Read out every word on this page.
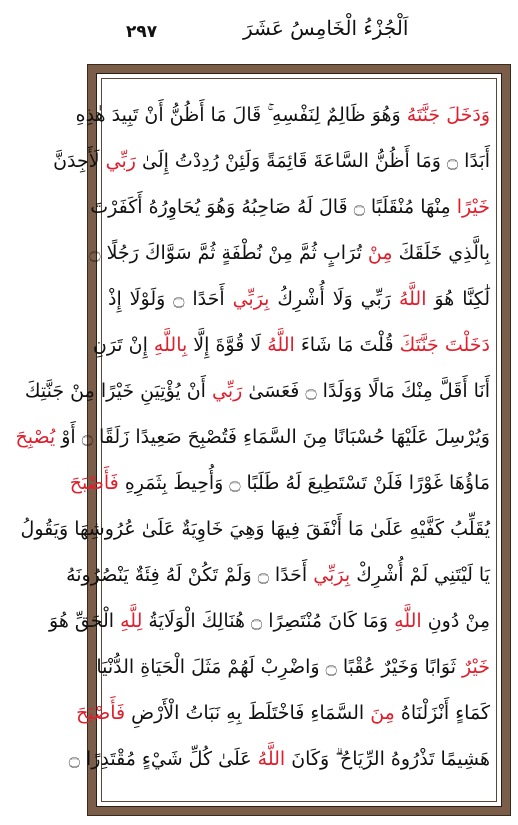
۲۹۷	اَلْجُزْءُ الْخَامِسُ عَشَرَ
وَدَخَلَ جَنَّتَهُ وَهُوَ ظَالِمٌ لِنَفْسِهِ ۚ قَالَ مَا أَظُنُّ أَنْ تَبِيدَ هٰذِهِ
أَبَدًا ۝ وَمَا أَظُنُّ السَّاعَةَ قَائِمَةً وَلَئِنْ رُدِدْتُ إِلَىٰ رَبِّي لَأَجِدَنَّ
خَيْرًا مِنْهَا مُنْقَلَبًا ۝ قَالَ لَهُ صَاحِبُهُ وَهُوَ يُحَاوِرُهُ أَكَفَرْتَ
بِالَّذِي خَلَقَكَ مِنْ تُرَابٍ ثُمَّ مِنْ نُطْفَةٍ ثُمَّ سَوَّاكَ رَجُلًا ۝
لَٰكِنَّا هُوَ اللَّهُ رَبِّي وَلَا أُشْرِكُ بِرَبِّي أَحَدًا ۝ وَلَوْلَا إِذْ
دَخَلْتَ جَنَّتَكَ قُلْتَ مَا شَاءَ اللَّهُ لَا قُوَّةَ إِلَّا بِاللَّهِ إِنْ تَرَنِ
أَنَا أَقَلَّ مِنْكَ مَالًا وَوَلَدًا ۝ فَعَسَىٰ رَبِّي أَنْ يُؤْتِيَنِ خَيْرًا مِنْ جَنَّتِكَ
وَيُرْسِلَ عَلَيْهَا حُسْبَانًا مِنَ السَّمَاءِ فَتُصْبِحَ صَعِيدًا زَلَقًا ۝ أَوْ يُصْبِحَ
مَاؤُهَا غَوْرًا فَلَنْ تَسْتَطِيعَ لَهُ طَلَبًا ۝ وَأُحِيطَ بِثَمَرِهِ فَأَصْبَحَ
يُقَلِّبُ كَفَّيْهِ عَلَىٰ مَا أَنْفَقَ فِيهَا وَهِيَ خَاوِيَةٌ عَلَىٰ عُرُوشِهَا وَيَقُولُ
يَا لَيْتَنِي لَمْ أُشْرِكْ بِرَبِّي أَحَدًا ۝ وَلَمْ تَكُنْ لَهُ فِئَةٌ يَنْصُرُونَهُ
مِنْ دُونِ اللَّهِ وَمَا كَانَ مُنْتَصِرًا ۝ هُنَالِكَ الْوَلَايَةُ لِلَّهِ الْحَقِّ هُوَ
خَيْرٌ ثَوَابًا وَخَيْرٌ عُقْبًا ۝ وَاضْرِبْ لَهُمْ مَثَلَ الْحَيَاةِ الدُّنْيَا
كَمَاءٍ أَنْزَلْنَاهُ مِنَ السَّمَاءِ فَاخْتَلَطَ بِهِ نَبَاتُ الْأَرْضِ فَأَصْبَحَ
هَشِيمًا تَذْرُوهُ الرِّيَاحُ ۗ وَكَانَ اللَّهُ عَلَىٰ كُلِّ شَيْءٍ مُقْتَدِرًا ۝
